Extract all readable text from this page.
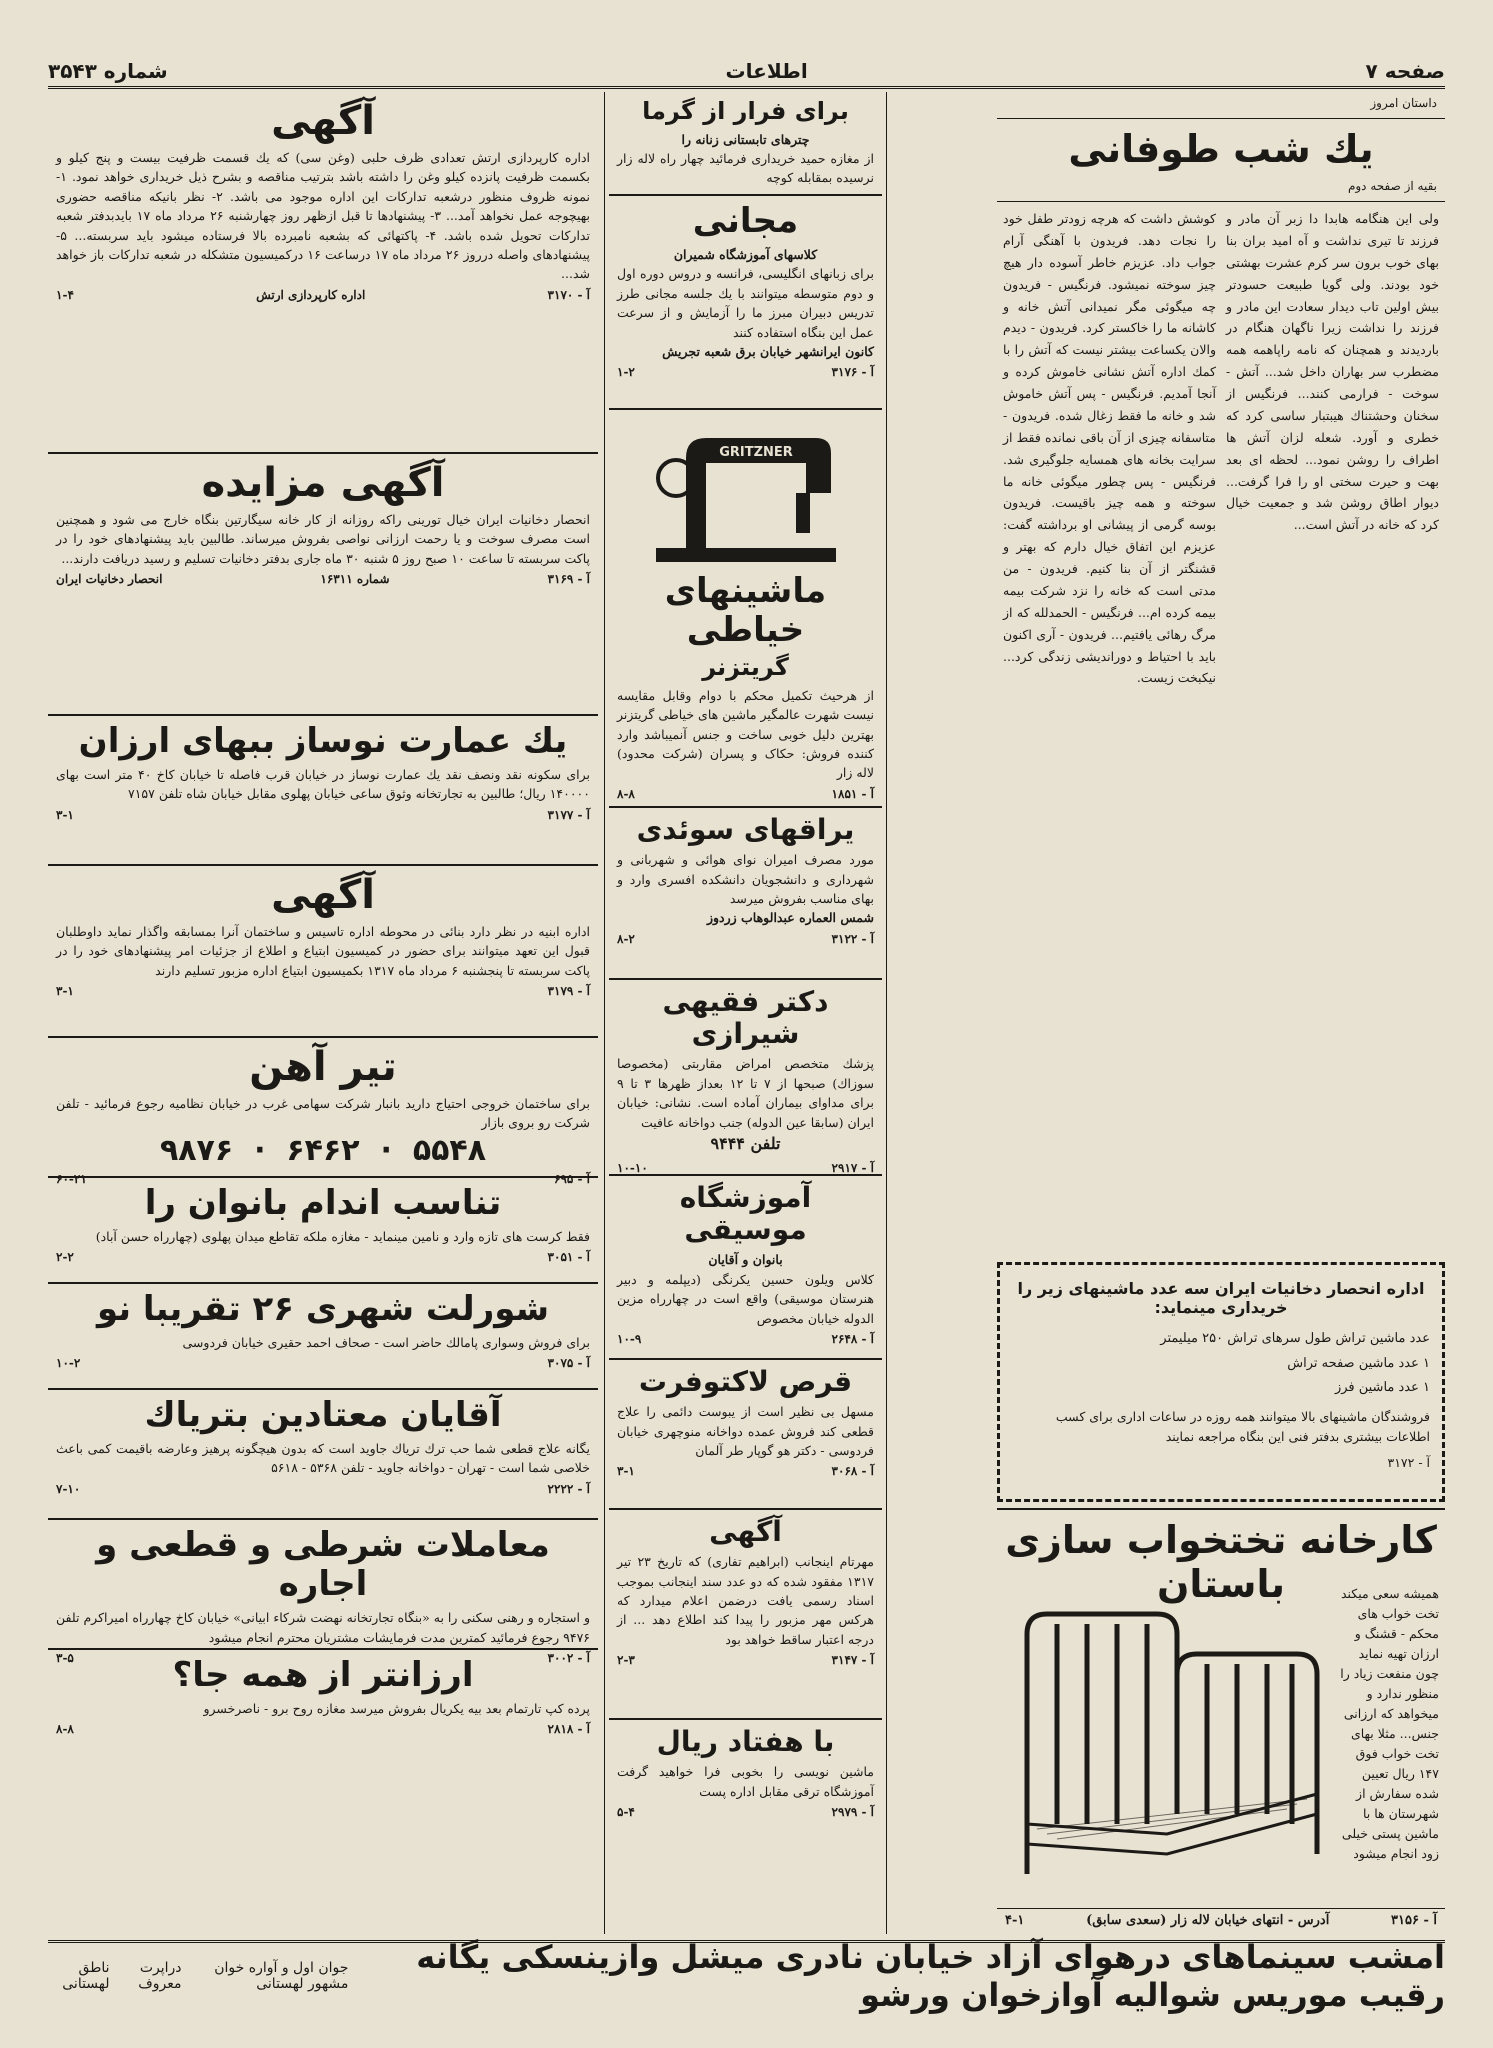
صفحه ۷
اطلاعات
شماره ۳۵۴۳
داستان امروز
یك شب طوفانی
بقیه از صفحه دوم
ولی این هنگامه هابدا دا زبر آن مادر و فرزند تا تیری نداشت و آه امید بران بنا بهای خوب برون سر کرم عشرت بهشتی خود بودند. ولی گویا طبیعت حسودتر بیش اولین تاب دیدار سعادت این مادر و فرزند را نداشت زیرا ناگهان هنگام در باردیدند و همچنان که نامه راپاهمه همه مضطرب سر بهاران داخل شد... آتش - سوخت - فرارمی کنند... فرنگیس از سخنان وحشتناك هیبتبار ساسی کرد که خطری و آورد. شعله لزان آتش ها اطراف را روشن نمود... لحظه ای بعد بهت و حیرت سختی او را فرا گرفت... دیوار اطاق روشن شد و جمعیت خیال کرد که خانه در آتش است...
کوشش داشت که هرچه زودتر طفل خود را نجات دهد. فریدون با آهنگی آرام جواب داد. عزیزم خاطر آسوده دار هیچ چیز سوخته نمیشود. فرنگیس - فریدون چه میگوئی مگر نمیدانی آتش خانه و کاشانه ما را خاکستر کرد. فریدون - دیدم والان یکساعت بیشتر نیست که آتش را با کمك اداره آتش نشانی خاموش کرده و آنجا آمدیم. فرنگیس - پس آتش خاموش شد و خانه ما فقط زغال شده. فریدون - متاسفانه چیزی از آن باقی نمانده فقط از سرایت بخانه های همسایه جلوگیری شد. فرنگیس - پس چطور میگوئی خانه ما سوخته و همه چیز باقیست. فریدون بوسه گرمی از پیشانی او برداشته گفت: عزیزم این اتفاق خیال دارم که بهتر و قشنگتر از آن بنا کنیم. فریدون - من مدتی است که خانه را نزد شرکت بیمه بیمه کرده ام... فرنگیس - الحمدلله که از مرگ رهائی یافتیم... فریدون - آری اکنون باید با احتیاط و دوراندیشی زندگی کرد... نیکبخت زیست.
اداره انحصار دخانیات ایران سه عدد ماشینهای زیر را خریداری مینماید:
عدد ماشین تراش طول سرهای تراش ۲۵۰ میلیمتر
۱ عدد ماشین صفحه تراش
۱ عدد ماشین فرز

فروشندگان ماشینهای بالا میتوانند همه روزه در ساعات اداری برای کسب اطلاعات بیشتری بدفتر فنی این بنگاه مراجعه نمایند

آ - ۳۱۷۲

کارخانه تختخواب سازی باستان	همیشه سعی میکند تخت خواب های محکم - قشنگ و ارزان تهیه نماید چون منفعت زیاد را منظور ندارد و میخواهد که ارزانی جنس... مثلا بهای تخت خواب فوق ۱۴۷ ریال تعیین شده سفارش از شهرستان ها با ماشین پستی خیلی زود انجام میشود
آ - ۳۱۵۶
آدرس - انتهای خیابان لاله زار (سعدی سابق)
۴-۱
برای فرار از گرما

چترهای تابستانی زنانه را

از مغازه حمید خریداری فرمائید چهار راه لاله زار نرسیده بمقابله کوچه

مجانی

کلاسهای آموزشگاه شمیران

برای زبانهای انگلیسی، فرانسه و دروس دوره اول و دوم متوسطه میتوانند با یك جلسه مجانی طرز تدریس دبیران مبرز ما را آزمایش و از سرعت عمل این بنگاه استفاده کنند

کانون ایرانشهر خیابان برق شعبه تجریش

آ - ۳۱۷۶
۱-۲
GRITZNER
ماشینهای خیاطی
گریتزنر

از هرحیث تکمیل محکم با دوام وقابل مقایسه نیست شهرت عالمگیر ماشین های خیاطی گریتزنر بهترین دلیل خوبی ساخت و جنس آنمیباشد وارد کننده فروش: حکاک و پسران (شرکت محدود) لاله زار

آ - ۱۸۵۱
۸-۸
یراقهای سوئدی

مورد مصرف امیران نوای هوائی و شهربانی و شهرداری و دانشجویان دانشکده افسری وارد و بهای مناسب بفروش میرسد

شمس العماره عبدالوهاب زردوز

آ - ۳۱۲۲
۸-۲
دکتر فقیهی شیرازی

پزشك متخصص امراض مقاربتی (مخصوصا سوزاك) صبحها از ۷ تا ۱۲ بعداز ظهرها ۳ تا ۹ برای مداوای بیماران آماده است. نشانی: خیابان ایران (سابقا عین الدوله) جنب دواخانه عافیت

تلفن ۹۴۴۴

آ - ۲۹۱۷
۱۰-۱۰
آموزشگاه موسیقی

بانوان و آقایان

کلاس ویلون حسین یکرنگی (دیپلمه و دبیر هنرستان موسیقی) واقع است در چهارراه مزین الدوله خیابان مخصوص

آ - ۲۶۴۸
۱۰-۹
قرص لاکتوفرت

مسهل بی نظیر است از یبوست دائمی را علاج قطعی کند فروش عمده دواخانه منوچهری خیابان فردوسی - دکتر هو گوپار طر آلمان

آ - ۳۰۶۸
۳-۱
آگهی

مهرتام اینجانب (ابراهیم تفاری) که تاریخ ۲۳ تیر ۱۳۱۷ مفقود شده که دو عدد سند اینجانب بموجب اسناد رسمی یافت درضمن اعلام میدارد که هرکس مهر مزبور را پیدا کند اطلاع دهد ... از درجه اعتبار ساقط خواهد بود

آ - ۳۱۴۷
۲-۳
با هفتاد ریال

ماشین نویسی را بخوبی فرا خواهید گرفت آموزشگاه ترقی مقابل اداره پست

آ - ۲۹۷۹
۵-۴
آگهی

اداره کارپردازی ارتش تعدادی ظرف حلبی (وغن سی) که یك قسمت ظرفیت بیست و پنج کیلو و بکسمت ظرفیت پانزده کیلو وغن را داشته باشد بترتیب مناقصه و بشرح ذیل خریداری خواهد نمود. ۱- نمونه ظروف منظور درشعبه تدارکات این اداره موجود می باشد. ۲- نظر بانیکه مناقصه حضوری بهیچوجه عمل نخواهد آمد... ۳- پیشنهادها تا قبل ازظهر روز چهارشنبه ۲۶ مرداد ماه ۱۷ بایدبدفتر شعبه تدارکات تحویل شده باشد. ۴- پاکتهائی که بشعبه نامبرده بالا فرستاده میشود باید سربسته... ۵- پیشنهادهای واصله درروز ۲۶ مرداد ماه ۱۷ درساعت ۱۶ درکمیسیون متشکله در شعبه تدارکات باز خواهد شد...

آ - ۳۱۷۰
اداره کارپردازی ارتش
۱-۴
آگهی مزایده

انحصار دخانیات ایران خیال تورینی راکه روزانه از کار خانه سیگارتین بنگاه خارج می شود و همچنین است مصرف سوخت و یا رحمت ارزانی نواصی بفروش میرساند. طالبین باید پیشنهادهای خود را در پاکت سربسته تا ساعت ۱۰ صبح روز ۵ شنبه ۳۰ ماه جاری بدفتر دخانیات تسلیم و رسید دریافت دارند...

آ - ۳۱۶۹
شماره ۱۶۳۱۱
انحصار دخانیات ایران
یك عمارت نوساز ببهای ارزان

برای سکونه نقد ونصف نقد یك عمارت نوساز در خیابان قرب فاصله تا خیابان کاخ ۴۰ متر است بهای ۱۴۰۰۰۰ ریال؛ طالبین به تجارتخانه وثوق ساعی خیابان پهلوی مقابل خیابان شاه تلفن ۷۱۵۷

آ - ۳۱۷۷
۳-۱
آگهی

اداره ابنیه در نظر دارد بنائی در محوطه اداره تاسیس و ساختمان آنرا بمسابقه واگذار نماید داوطلبان قبول این تعهد میتوانند برای حضور در کمیسیون ابتیاع و اطلاع از جزئیات امر پیشنهادهای خود را در پاکت سربسته تا پنجشنبه ۶ مرداد ماه ۱۳۱۷ بکمیسیون ابتیاع اداره مزبور تسلیم دارند

آ - ۳۱۷۹
۳-۱
تیر آهن

برای ساختمان خروجی احتیاج دارید بانبار شرکت سهامی غرب در خیابان نظامیه رجوع فرمائید - تلفن شرکت رو بروی بازار

۵۵۴۸  ·  ۶۴۶۲  ·  ۹۸۷۶
آ - ۶۹۵
۶۰-۲۱
تناسب اندام بانوان را

فقط کرست های تازه وارد و نامین مینماید - مغازه ملکه تقاطع میدان پهلوی (چهارراه حسن آباد)

آ - ۳۰۵۱
۲-۲
شورلت شهری ۲۶ تقریبا نو

برای فروش وسواری پامالك حاضر است - صحاف احمد حقیری خیابان فردوسی

آ - ۳۰۷۵
۱۰-۲
آقایان معتادین بتریاك

یگانه علاج قطعی شما حب ترك تریاك جاوید است که بدون هیچگونه پرهیز وعارضه باقیمت کمی باعث خلاصی شما است - تهران - دواخانه جاوید - تلفن ۵۳۶۸ - ۵۶۱۸

آ - ۲۲۲۲
۷-۱۰
معاملات شرطی و قطعی و اجاره

و استجاره و رهنی سکنی را به «بنگاه تجارتخانه نهضت شرکاء ابیانی» خیابان کاخ چهارراه امیراکرم تلفن ۹۴۷۶ رجوع فرمائید کمترین مدت فرمایشات مشتریان محترم انجام میشود

آ - ۳۰۰۲
۳-۵	ارزانتر از همه جا؟

پرده کپ تارتمام بعد بیه یکریال بفروش میرسد مغازه روح برو - ناصرخسرو

آ - ۲۸۱۸
۸-۸
امشب سینماهای درهوای آزاد خیابان نادری میشل وازینسکی یگانه رقیب موریس شوالیه آوازخوان ورشو
جوان اول و آواره خوان مشهور لهستانی
دراپرت معروف
ناطق لهستانی
